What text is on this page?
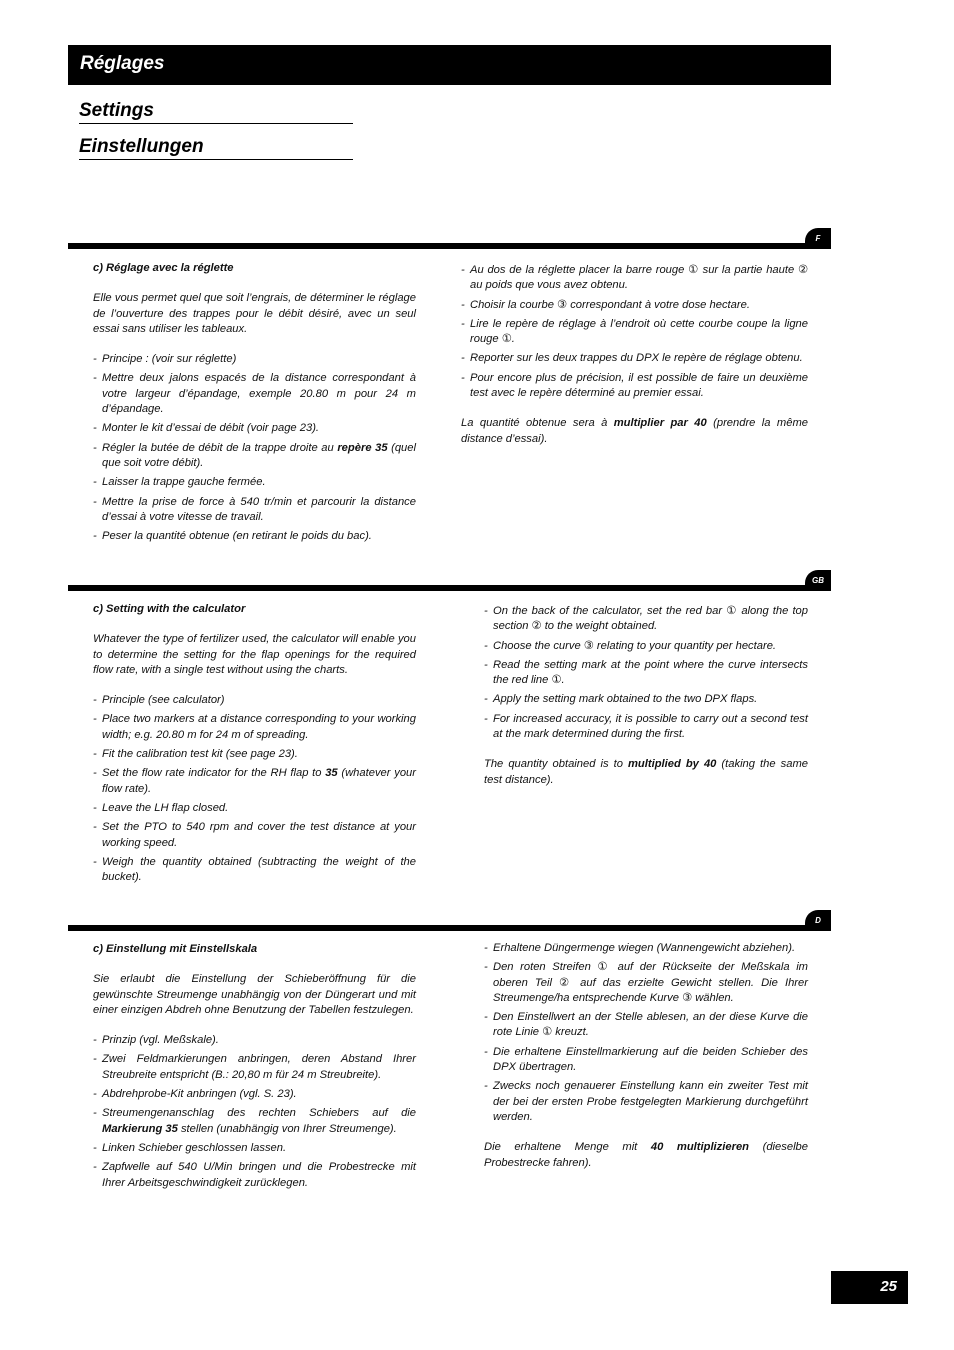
Réglages
Settings
Einstellungen
F
c) Réglage avec la réglette

Elle vous permet quel que soit l’engrais, de déterminer le réglage de l’ouverture des trappes pour le débit désiré, avec un seul essai sans utiliser les tableaux.

- Principe : (voir sur réglette)
- Mettre deux jalons espacés de la distance correspondant à votre largeur d’épandage, exemple 20.80 m pour 24 m d’épandage.
- Monter le kit d’essai de débit (voir page 23).
- Régler la butée de débit de la trappe droite au repère 35 (quel que soit votre débit).
- Laisser la trappe gauche fermée.
- Mettre la prise de force à 540 tr/min et parcourir la distance d’essai à votre vitesse de travail.
- Peser la quantité obtenue (en retirant le poids du bac).
- Au dos de la réglette placer la barre rouge ① sur la partie haute ② au poids que vous avez obtenu.
- Choisir la courbe ③ correspondant à votre dose hectare.
- Lire le repère de réglage à l’endroit où cette courbe coupe la ligne rouge ①.
- Reporter sur les deux trappes du DPX le repère de réglage obtenu.
- Pour encore plus de précision, il est possible de faire un deuxième test avec le repère déterminé au premier essai.

La quantité obtenue sera à multiplier par 40 (prendre la même distance d’essai).

GB
c) Setting with the calculator

Whatever the type of fertilizer used, the calculator will enable you to determine the setting for the flap openings for the required flow rate, with a single test without using the charts.

- Principle (see calculator)
- Place two markers at a distance corresponding to your working width; e.g. 20.80 m for 24 m of spreading.
- Fit the calibration test kit (see page 23).
- Set the flow rate indicator for the RH flap to 35 (whatever your flow rate).
- Leave the LH flap closed.
- Set the PTO to 540 rpm and cover the test distance at your working speed.
- Weigh the quantity obtained (subtracting the weight of the bucket).
- On the back of the calculator, set the red bar ① along the top section ② to the weight obtained.
- Choose the curve ③ relating to your quantity per hectare.
- Read the setting mark at the point where the curve intersects the red line ①.
- Apply the setting mark obtained to the two DPX flaps.
- For increased accuracy, it is possible to carry out a second test at the mark determined during the first.

The quantity obtained is to multiplied by 40 (taking the same test distance).

D
c) Einstellung mit Einstellskala

Sie erlaubt die Einstellung der Schieberöffnung für die gewünschte Streumenge unabhängig von der Düngerart und mit einer einzigen Abdreh ohne Benutzung der Tabellen festzulegen.

- Prinzip (vgl. Meßskale).
- Zwei Feldmarkierungen anbringen, deren Abstand Ihrer Streubreite entspricht (B.: 20,80 m für 24 m Streubreite).
- Abdrehprobe-Kit anbringen (vgl. S. 23).
- Streumengenanschlag des rechten Schiebers auf die Markierung 35 stellen (unabhängig von Ihrer Streumenge).
- Linken Schieber geschlossen lassen.
- Zapfwelle auf 540 U/Min bringen und die Probestrecke mit Ihrer Arbeitsgeschwindigkeit zurücklegen.
- Erhaltene Düngermenge wiegen (Wannengewicht abziehen).
- Den roten Streifen ① auf der Rückseite der Meßskala im oberen Teil ② auf das erzielte Gewicht stellen. Die Ihrer Streumenge/ha entsprechende Kurve ③ wählen.
- Den Einstellwert an der Stelle ablesen, an der diese Kurve die rote Linie ① kreuzt.
- Die erhaltene Einstellmarkierung auf die beiden Schieber des DPX übertragen.
- Zwecks noch genauerer Einstellung kann ein zweiter Test mit der bei der ersten Probe festgelegten Markierung durchgeführt werden.

Die erhaltene Menge mit 40 multiplizieren (dieselbe Probestrecke fahren).

25
